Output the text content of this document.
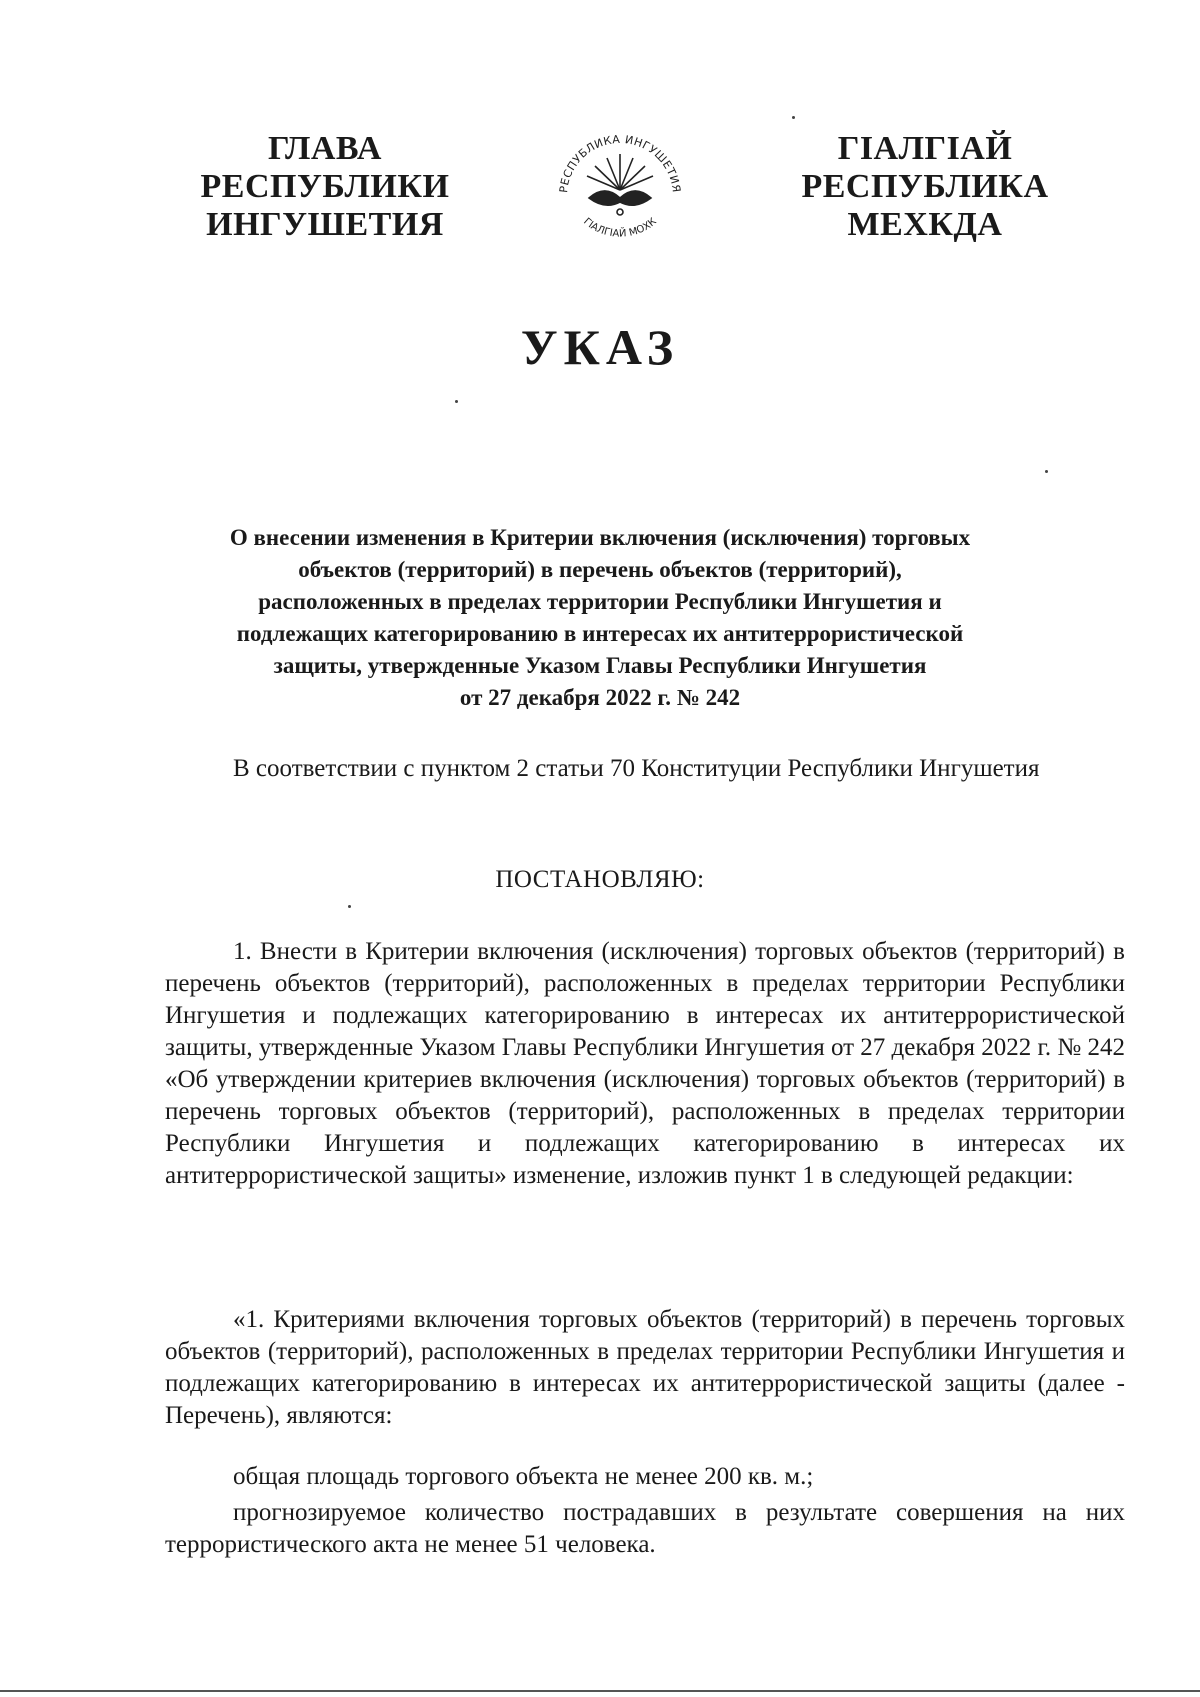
ГЛАВА
РЕСПУБЛИКИ
ИНГУШЕТИЯ
РЕСПУБЛИКА ИНГУШЕТИЯ
ГIАЛГIАЙ МОХК
ГІАЛГІАЙ
РЕСПУБЛИКА
МЕХКДА
УКАЗ
О внесении изменения в Критерии включения (исключения) торговых
объектов (территорий) в перечень объектов (территорий),
расположенных в пределах территории Республики Ингушетия и
подлежащих категорированию в интересах их антитеррористической
защиты, утвержденные Указом Главы Республики Ингушетия
от 27 декабря 2022 г. № 242
В соответствии с пунктом 2 статьи 70 Конституции Республики Ингушетия
ПОСТАНОВЛЯЮ:
1. Внести в Критерии включения (исключения) торговых объектов (территорий) в перечень объектов (территорий), расположенных в пределах территории Республики Ингушетия и подлежащих категорированию в интересах их антитеррористической защиты, утвержденные Указом Главы Республики Ингушетия от 27 декабря 2022 г. № 242 «Об утверждении критериев включения (исключения) торговых объектов (территорий) в перечень торговых объектов (территорий), расположенных в пределах территории Республики Ингушетия и подлежащих категорированию в интересах их антитеррористической защиты» изменение, изложив пункт 1 в следующей редакции:
«1. Критериями включения торговых объектов (территорий) в перечень торговых объектов (территорий), расположенных в пределах территории Республики Ингушетия и подлежащих категорированию в интересах их антитеррористической защиты (далее - Перечень), являются:
общая площадь торгового объекта не менее 200 кв. м.;
прогнозируемое количество пострадавших в результате совершения на них террористического акта не менее 51 человека.
